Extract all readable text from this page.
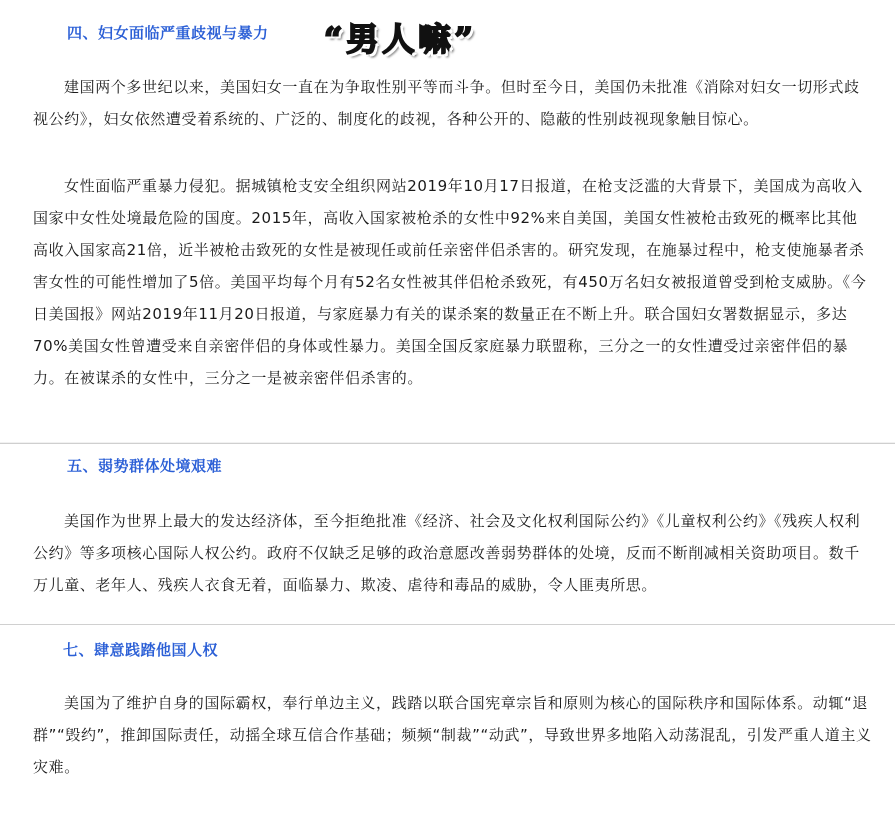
四、妇女面临严重歧视与暴力 “男人嘛”

建国两个多世纪以来，美国妇女一直在为争取性别平等而斗争。但时至今日，美国仍未批准《消除对妇女一切形式歧视公约》，妇女依然遭受着系统的、广泛的、制度化的歧视，各种公开的、隐蔽的性别歧视现象触目惊心。

女性面临严重暴力侵犯。据城镇枪支安全组织网站2019年10月17日报道，在枪支泛滥的大背景下，美国成为高收入国家中女性处境最危险的国度。2015年，高收入国家被枪杀的女性中92%来自美国，美国女性被枪击致死的概率比其他高收入国家高21倍，近半被枪击致死的女性是被现任或前任亲密伴侣杀害的。研究发现，在施暴过程中，枪支使施暴者杀害女性的可能性增加了5倍。美国平均每个月有52名女性被其伴侣枪杀致死，有450万名妇女被报道曾受到枪支威胁。《今日美国报》网站2019年11月20日报道，与家庭暴力有关的谋杀案的数量正在不断上升。联合国妇女署数据显示，多达70%美国女性曾遭受来自亲密伴侣的身体或性暴力。美国全国反家庭暴力联盟称，三分之一的女性遭受过亲密伴侣的暴力。在被谋杀的女性中，三分之一是被亲密伴侣杀害的。

五、弱势群体处境艰难

美国作为世界上最大的发达经济体，至今拒绝批准《经济、社会及文化权利国际公约》《儿童权利公约》《残疾人权利公约》等多项核心国际人权公约。政府不仅缺乏足够的政治意愿改善弱势群体的处境，反而不断削减相关资助项目。数千万儿童、老年人、残疾人衣食无着，面临暴力、欺凌、虐待和毒品的威胁，令人匪夷所思。

七、肆意践踏他国人权

美国为了维护自身的国际霸权，奉行单边主义，践踏以联合国宪章宗旨和原则为核心的国际秩序和国际体系。动辄“退群”“毁约”，推卸国际责任，动摇全球互信合作基础；频频“制裁”“动武”，导致世界多地陷入动荡混乱，引发严重人道主义灾难。
